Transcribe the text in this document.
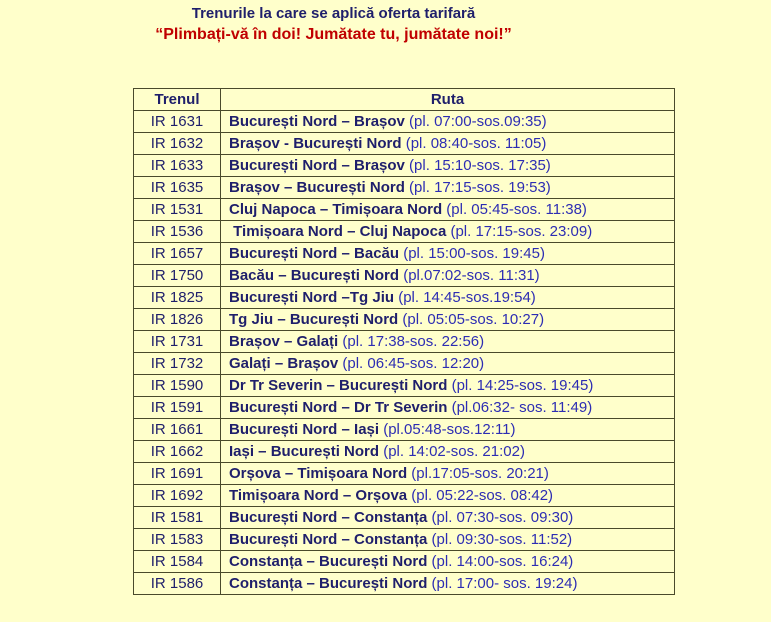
Trenurile la care se aplică oferta tarifară
“Plimbați-vă în doi! Jumătate tu, jumătate noi!”
Trenul	Ruta
IR 1631	București Nord – Brașov (pl. 07:00-sos.09:35)
IR 1632	Brașov - București Nord (pl. 08:40-sos. 11:05)
IR 1633	București Nord – Brașov (pl. 15:10-sos. 17:35)
IR 1635	Brașov – București Nord (pl. 17:15-sos. 19:53)
IR 1531	Cluj Napoca – Timișoara Nord (pl. 05:45-sos. 11:38)
IR 1536	Timișoara Nord – Cluj Napoca (pl. 17:15-sos. 23:09)
IR 1657	București Nord – Bacău (pl. 15:00-sos. 19:45)
IR 1750	Bacău – București Nord (pl.07:02-sos. 11:31)
IR 1825	București Nord –Tg Jiu (pl. 14:45-sos.19:54)
IR 1826	Tg Jiu – București Nord (pl. 05:05-sos. 10:27)
IR 1731	Brașov – Galați (pl. 17:38-sos. 22:56)
IR 1732	Galați – Brașov (pl. 06:45-sos. 12:20)
IR 1590	Dr Tr Severin – București Nord (pl. 14:25-sos. 19:45)
IR 1591	București Nord – Dr Tr Severin (pl.06:32- sos. 11:49)
IR 1661	București Nord – Iași (pl.05:48-sos.12:11)
IR 1662	Iași – București Nord (pl. 14:02-sos. 21:02)
IR 1691	Orșova – Timișoara Nord (pl.17:05-sos. 20:21)
IR 1692	Timișoara Nord – Orșova (pl. 05:22-sos. 08:42)
IR 1581	București Nord – Constanța (pl. 07:30-sos. 09:30)
IR 1583	București Nord – Constanța (pl. 09:30-sos. 11:52)
IR 1584	Constanța – București Nord (pl. 14:00-sos. 16:24)
IR 1586	Constanța – București Nord (pl. 17:00- sos. 19:24)
